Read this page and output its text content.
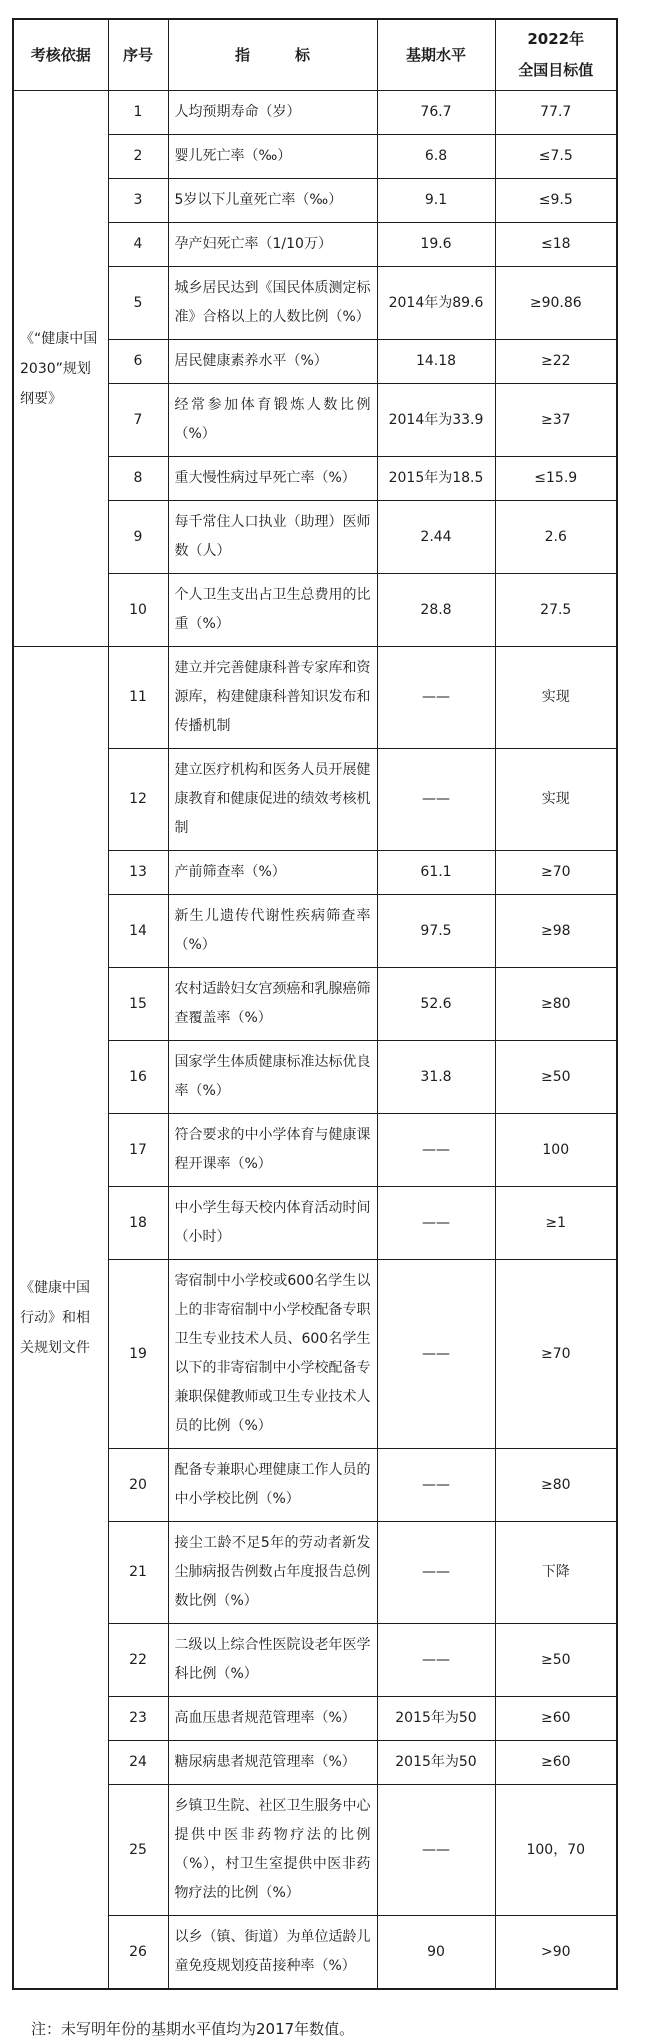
考核依据	序号	指　　　标	基期水平	2022年
全国目标值

《“健康中国2030”规划纲要》	1	人均预期寿命（岁）	76.7	77.7
	2	婴儿死亡率（‰）	6.8	≤7.5
	3	5岁以下儿童死亡率（‰）	9.1	≤9.5
	4	孕产妇死亡率（1/10万）	19.6	≤18
	5	城乡居民达到《国民体质测定标准》合格以上的人数比例（%）	2014年为89.6	≥90.86
	6	居民健康素养水平（%）	14.18	≥22
	7	经常参加体育锻炼人数比例（%）	2014年为33.9	≥37
	8	重大慢性病过早死亡率（%）	2015年为18.5	≤15.9
	9	每千常住人口执业（助理）医师数（人）	2.44	2.6
	10	个人卫生支出占卫生总费用的比重（%）	28.8	27.5
《健康中国行动》和相关规划文件	11	建立并完善健康科普专家库和资源库，构建健康科普知识发布和传播机制	——	实现
	12	建立医疗机构和医务人员开展健康教育和健康促进的绩效考核机制	——	实现
	13	产前筛查率（%）	61.1	≥70
	14	新生儿遗传代谢性疾病筛查率（%）	97.5	≥98
	15	农村适龄妇女宫颈癌和乳腺癌筛查覆盖率（%）	52.6	≥80
	16	国家学生体质健康标准达标优良率（%）	31.8	≥50
	17	符合要求的中小学体育与健康课程开课率（%）	——	100
	18	中小学生每天校内体育活动时间（小时）	——	≥1
	19	寄宿制中小学校或600名学生以上的非寄宿制中小学校配备专职卫生专业技术人员、600名学生以下的非寄宿制中小学校配备专兼职保健教师或卫生专业技术人员的比例（%）	——	≥70
	20	配备专兼职心理健康工作人员的中小学校比例（%）	——	≥80
	21	接尘工龄不足5年的劳动者新发尘肺病报告例数占年度报告总例数比例（%）	——	下降
	22	二级以上综合性医院设老年医学科比例（%）	——	≥50
	23	高血压患者规范管理率（%）	2015年为50	≥60
	24	糖尿病患者规范管理率（%）	2015年为50	≥60
	25	乡镇卫生院、社区卫生服务中心提供中医非药物疗法的比例（%），村卫生室提供中医非药物疗法的比例（%）	——	100，70
	26	以乡（镇、街道）为单位适龄儿童免疫规划疫苗接种率（%）	90	>90
注：未写明年份的基期水平值均为2017年数值。
